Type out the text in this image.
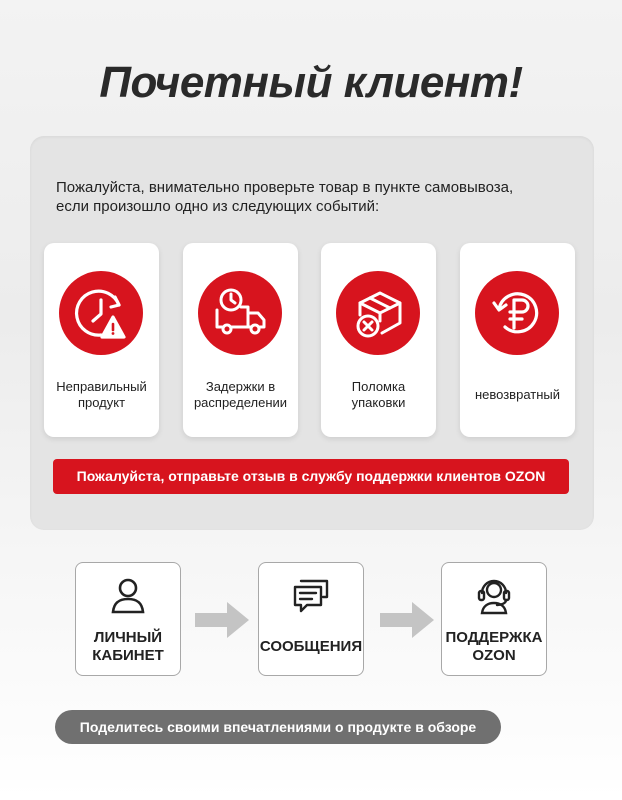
Почетный клиент!
Пожалуйста, внимательно проверьте товар в пункте самовывоза,
если произошло одно из следующих событий:
Неправильный
продукт
Задержки в
распределении
Поломка
упаковки
невозвратный
Пожалуйста, отправьте отзыв в службу поддержки клиентов OZON
ЛИЧНЫЙ
КАБИНЕТ
СООБЩЕНИЯ
ПОДДЕРЖКА
OZON
Поделитесь своими впечатлениями о продукте в обзоре
